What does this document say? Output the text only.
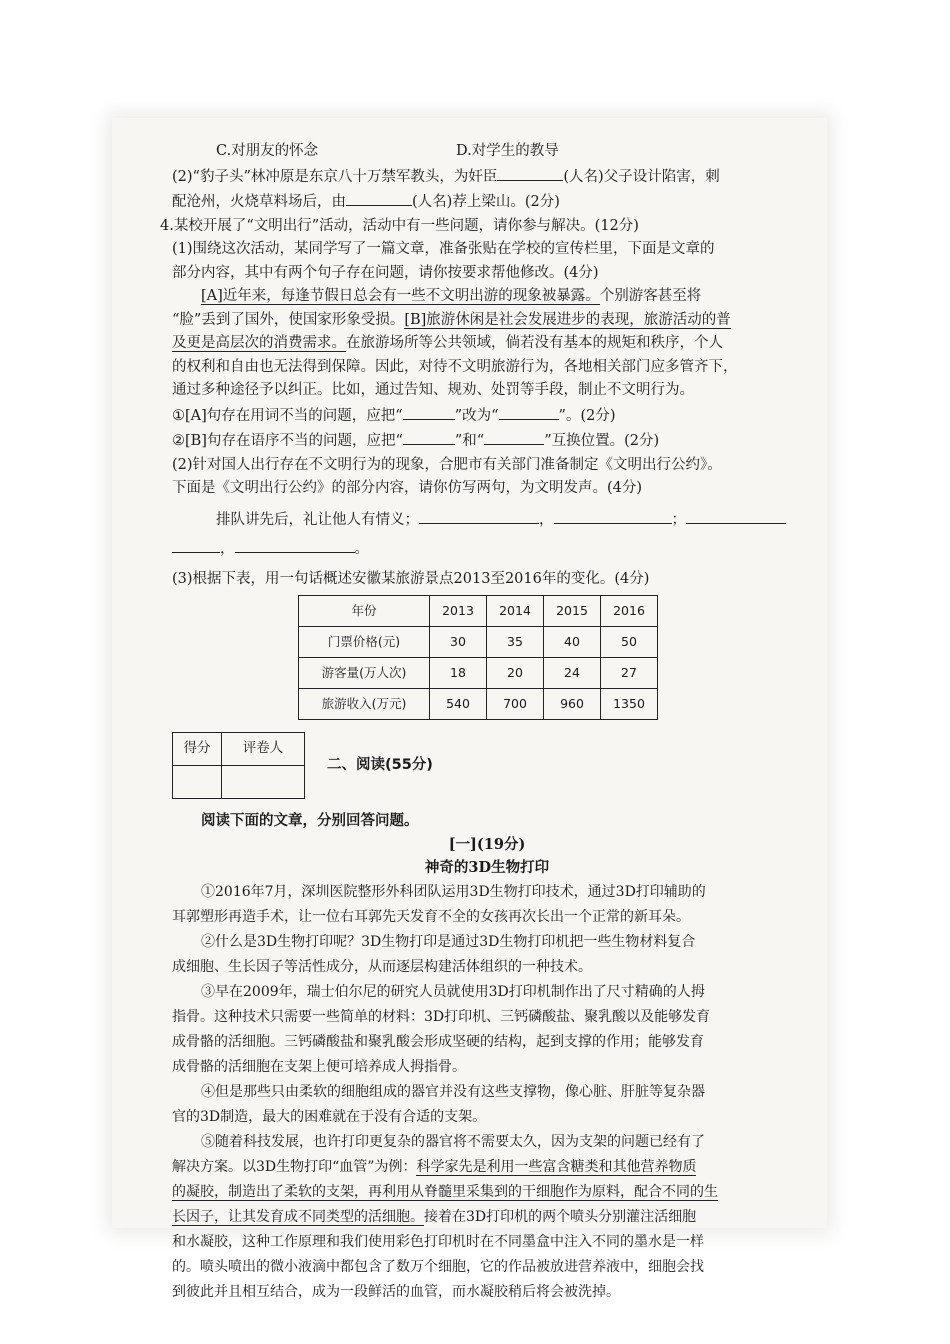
C.对朋友的怀念	D.对学生的教导
(2)“豹子头”林冲原是东京八十万禁军教头，为奸臣	(人名)父子设计陷害，刺
配沧州，火烧草料场后，由	(人名)荐上梁山。(2分)
4.某校开展了“文明出行”活动，活动中有一些问题，请你参与解决。(12分)
(1)围绕这次活动，某同学写了一篇文章，准备张贴在学校的宣传栏里，下面是文章的
部分内容，其中有两个句子存在问题，请你按要求帮他修改。(4分)
[A]近年来，每逢节假日总会有一些不文明出游的现象被暴露。个别游客甚至将
“脸”丢到了国外，使国家形象受损。[B]旅游休闲是社会发展进步的表现，旅游活动的普
及更是高层次的消费需求。在旅游场所等公共领域，倘若没有基本的规矩和秩序，个人
的权利和自由也无法得到保障。因此，对待不文明旅游行为，各地相关部门应多管齐下，
通过多种途径予以纠正。比如，通过告知、规劝、处罚等手段，制止不文明行为。
①[A]句存在用词不当的问题，应把“	”改为“	”。(2分)
②[B]句存在语序不当的问题，应把“	”和“	”互换位置。(2分)
(2)针对国人出行存在不文明行为的现象，合肥市有关部门准备制定《文明出行公约》。
下面是《文明出行公约》的部分内容，请你仿写两句，为文明发声。(4分)
排队讲先后，礼让他人有情义；	，	；
，	。
(3)根据下表，用一句话概述安徽某旅游景点2013至2016年的变化。(4分)
年份	2013	2014	2015	2016
门票价格(元)	30	35	40	50
游客量(万人次)	18	20	24	27
旅游收入(万元)	540	700	960	1350
得分	评卷人

二、阅读(55分)
阅读下面的文章，分别回答问题。
[一](19分)
神奇的3D生物打印
①2016年7月，深圳医院整形外科团队运用3D生物打印技术，通过3D打印辅助的
耳郭塑形再造手术，让一位右耳郭先天发育不全的女孩再次长出一个正常的新耳朵。
②什么是3D生物打印呢？3D生物打印是通过3D生物打印机把一些生物材料复合
成细胞、生长因子等活性成分，从而逐层构建活体组织的一种技术。
③早在2009年，瑞士伯尔尼的研究人员就使用3D打印机制作出了尺寸精确的人拇
指骨。这种技术只需要一些简单的材料：3D打印机、三钙磷酸盐、聚乳酸以及能够发育
成骨骼的活细胞。三钙磷酸盐和聚乳酸会形成坚硬的结构，起到支撑的作用；能够发育
成骨骼的活细胞在支架上便可培养成人拇指骨。
④但是那些只由柔软的细胞组成的器官并没有这些支撑物，像心脏、肝脏等复杂器
官的3D制造，最大的困难就在于没有合适的支架。
⑤随着科技发展，也许打印更复杂的器官将不需要太久，因为支架的问题已经有了
解决方案。以3D生物打印“血管”为例：科学家先是利用一些富含糖类和其他营养物质
的凝胶，制造出了柔软的支架，再利用从脊髓里采集到的干细胞作为原料，配合不同的生
长因子，让其发育成不同类型的活细胞。接着在3D打印机的两个喷头分别灌注活细胞
和水凝胶，这种工作原理和我们使用彩色打印机时在不同墨盒中注入不同的墨水是一样
的。喷头喷出的微小液滴中都包含了数万个细胞，它的作品被放进营养液中，细胞会找
到彼此并且相互结合，成为一段鲜活的血管，而水凝胶稍后将会被洗掉。
